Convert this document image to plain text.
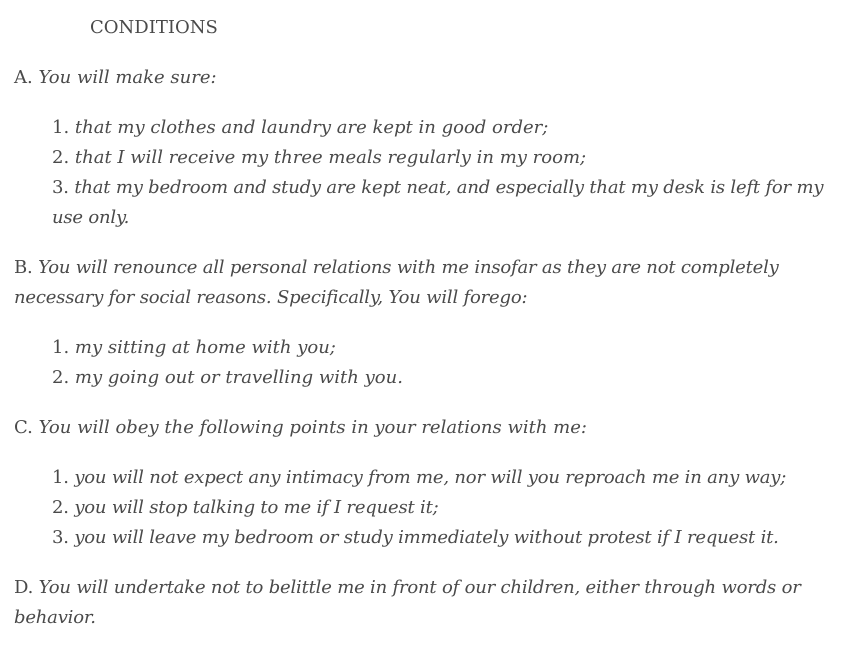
CONDITIONS

A. You will make sure:

1. that my clothes and laundry are kept in good order;
2. that I will receive my three meals regularly in my room;
3. that my bedroom and study are kept neat, and especially that my desk is left for my use only.

B. You will renounce all personal relations with me insofar as they are not completely necessary for social reasons. Specifically, You will forego:

1. my sitting at home with you;
2. my going out or travelling with you.

C. You will obey the following points in your relations with me:

1. you will not expect any intimacy from me, nor will you reproach me in any way;
2. you will stop talking to me if I request it;
3. you will leave my bedroom or study immediately without protest if I request it.

D. You will undertake not to belittle me in front of our children, either through words or behavior.
